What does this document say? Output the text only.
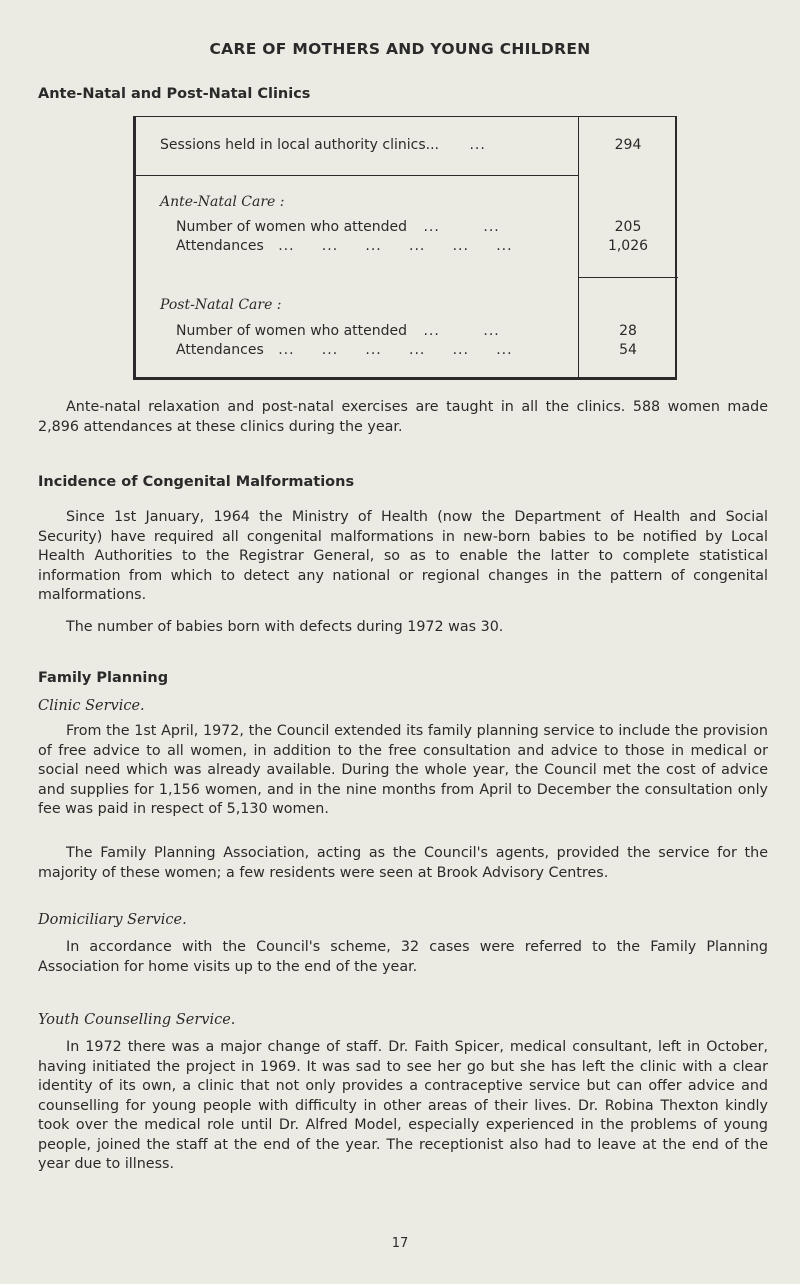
CARE OF MOTHERS AND YOUNG CHILDREN
Ante-Natal and Post-Natal Clinics
Sessions held in local authority clinics... ...	294
Ante-Natal Care :
Number of women who attended ...        ...	205
Attendances ...     ...     ...     ...     ...     ...	1,026
Post-Natal Care :
Number of women who attended ...        ...	28
Attendances ...     ...     ...     ...     ...     ...	54
Ante-natal relaxation and post-natal exercises are taught in all the clinics. 588 women made 2,896 attendances at these clinics during the year.
Incidence of Congenital Malformations
Since 1st January, 1964 the Ministry of Health (now the Department of Health and Social Security) have required all congenital malformations in new-born babies to be notified by Local Health Authorities to the Registrar General, so as to enable the latter to complete statistical information from which to detect any national or regional changes in the pattern of congenital malformations.
The number of babies born with defects during 1972 was 30.
Family Planning
Clinic Service.
From the 1st April, 1972, the Council extended its family planning service to include the provision of free advice to all women, in addition to the free consultation and advice to those in medical or social need which was already available. During the whole year, the Council met the cost of advice and supplies for 1,156 women, and in the nine months from April to December the consultation only fee was paid in respect of 5,130 women.
The Family Planning Association, acting as the Council's agents, provided the service for the majority of these women; a few residents were seen at Brook Advisory Centres.
Domiciliary Service.
In accordance with the Council's scheme, 32 cases were referred to the Family Planning Association for home visits up to the end of the year.
Youth Counselling Service.
In 1972 there was a major change of staff. Dr. Faith Spicer, medical consultant, left in October, having initiated the project in 1969. It was sad to see her go but she has left the clinic with a clear identity of its own, a clinic that not only provides a contraceptive service but can offer advice and counselling for young people with difficulty in other areas of their lives. Dr. Robina Thexton kindly took over the medical role until Dr. Alfred Model, especially experienced in the problems of young people, joined the staff at the end of the year. The receptionist also had to leave at the end of the year due to illness.
17
